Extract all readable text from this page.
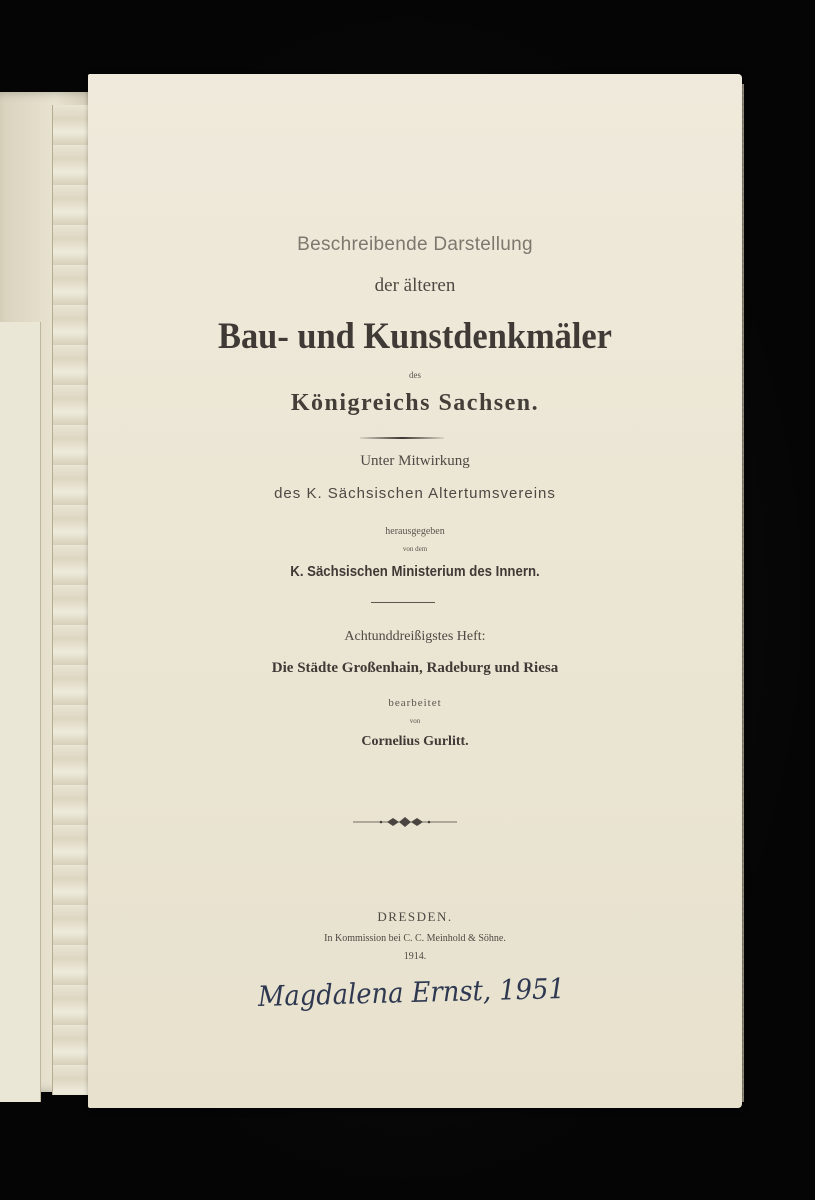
Beschreibende Darstellung
der älteren
Bau- und Kunstdenkmäler
des
Königreichs Sachsen.
Unter Mitwirkung
des K. Sächsischen Altertumsvereins
herausgegeben
von dem
K. Sächsischen Ministerium des Innern.
Achtunddreißigstes Heft:
Die Städte Großenhain, Radeburg und Riesa
bearbeitet
von
Cornelius Gurlitt.
DRESDEN.
In Kommission bei C. C. Meinhold & Söhne.
1914.
Magdalena Ernst, 1951
